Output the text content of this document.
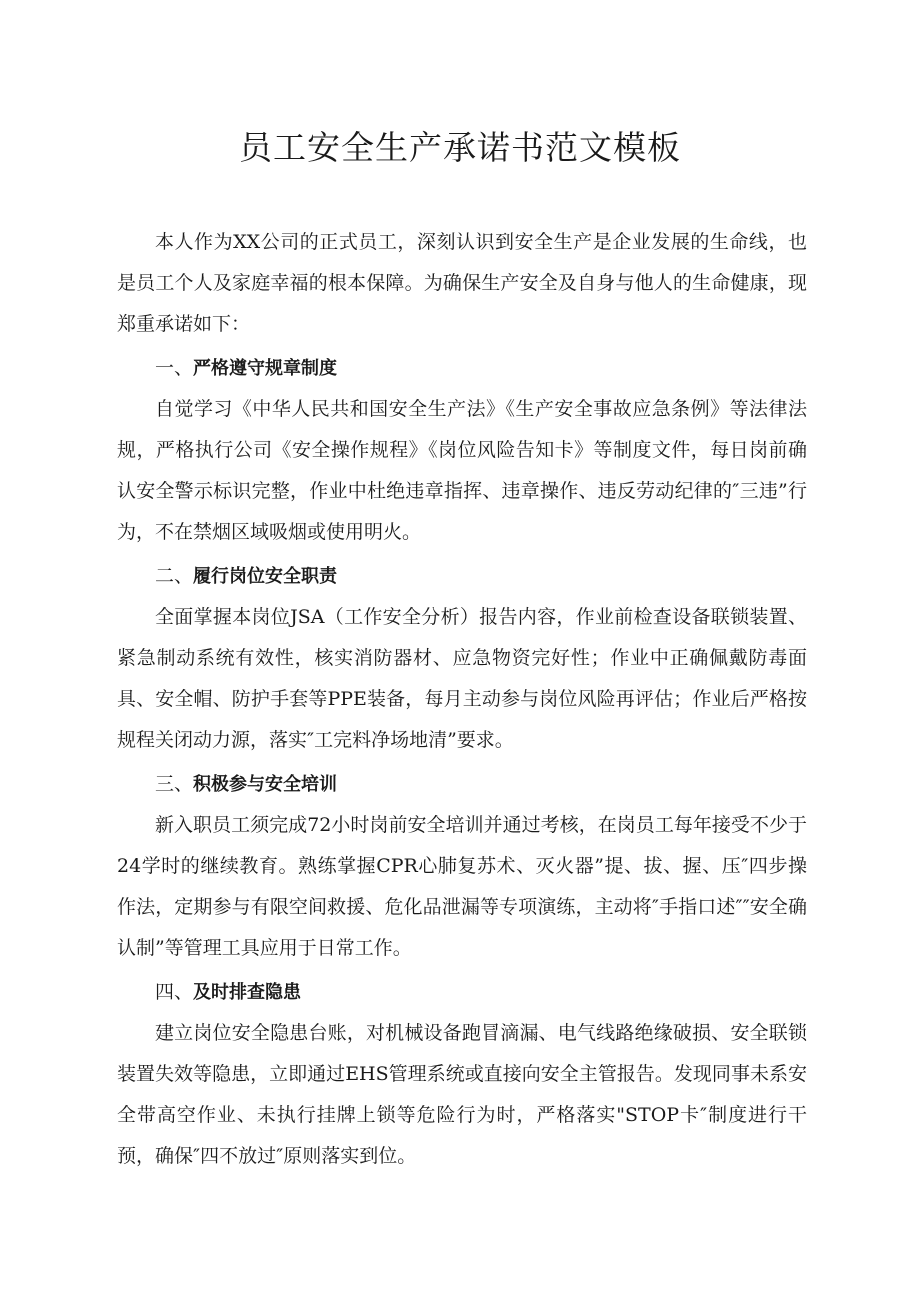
员工安全生产承诺书范文模板

本人作为XX公司的正式员工，深刻认识到安全生产是企业发展的生命线，也是员工个人及家庭幸福的根本保障。为确保生产安全及自身与他人的生命健康，现郑重承诺如下：

一、严格遵守规章制度

自觉学习《中华人民共和国安全生产法》《生产安全事故应急条例》等法律法规，严格执行公司《安全操作规程》《岗位风险告知卡》等制度文件，每日岗前确认安全警示标识完整，作业中杜绝违章指挥、违章操作、违反劳动纪律的″三违”行为，不在禁烟区域吸烟或使用明火。

二、履行岗位安全职责

全面掌握本岗位JSA（工作安全分析）报告内容，作业前检查设备联锁装置、紧急制动系统有效性，核实消防器材、应急物资完好性；作业中正确佩戴防毒面具、安全帽、防护手套等PPE装备，每月主动参与岗位风险再评估；作业后严格按规程关闭动力源，落实″工完料净场地清”要求。

三、积极参与安全培训

新入职员工须完成72小时岗前安全培训并通过考核，在岗员工每年接受不少于24学时的继续教育。熟练掌握CPR心肺复苏术、灭火器”提、拔、握、压″四步操作法，定期参与有限空间救援、危化品泄漏等专项演练，主动将″手指口述″″安全确认制”等管理工具应用于日常工作。

四、及时排查隐患

建立岗位安全隐患台账，对机械设备跑冒滴漏、电气线路绝缘破损、安全联锁装置失效等隐患，立即通过EHS管理系统或直接向安全主管报告。发现同事未系安全带高空作业、未执行挂牌上锁等危险行为时，严格落实"STOP卡″制度进行干预，确保″四不放过″原则落实到位。
